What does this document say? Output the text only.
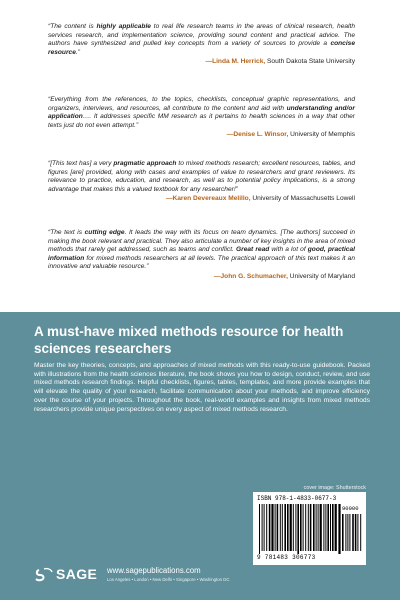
“The content is highly applicable to real life research teams in the areas of clinical research, health services research, and implementation science, providing sound content and practical advice. The authors have synthesized and pulled key concepts from a variety of sources to provide a concise resource.”
—Linda M. Herrick, South Dakota State University
“Everything from the references, to the topics, checklists, conceptual graphic representations, and organizers, interviews, and resources, all contribute to the content and aid with understanding and/or application…. It addresses specific MM research as it pertains to health sciences in a way that other texts just do not even attempt.”
—Denise L. Winsor, University of Memphis
“[This text has] a very pragmatic approach to mixed methods research; excellent resources, tables, and figures [are] provided, along with cases and examples of value to researchers and grant reviewers. Its relevance to practice, education, and research, as well as to potential policy implications, is a strong advantage that makes this a valued textbook for any researcher!”
—Karen Devereaux Melillo, University of Massachusetts Lowell
“The text is cutting edge. It leads the way with its focus on team dynamics. [The authors] succeed in making the book relevant and practical. They also articulate a number of key insights in the area of mixed methods that rarely get addressed, such as teams and conflict. Great read with a lot of good, practical information for mixed methods researchers at all levels. The practical approach of this text makes it an innovative and valuable resource.”
—John G. Schumacher, University of Maryland
A must-have mixed methods resource for health sciences researchers
Master the key theories, concepts, and approaches of mixed methods with this ready-to-use guidebook. Packed with illustrations from the health sciences literature, the book shows you how to design, conduct, review, and use mixed methods research findings. Helpful checklists, figures, tables, templates, and more provide examples that will elevate the quality of your research, facilitate communication about your methods, and improve efficiency over the course of your projects. Throughout the book, real-world examples and insights from mixed methods researchers provide unique perspectives on every aspect of mixed methods research.
cover image: Shutterstock
ISBN 978-1-4833-0677-3
90000
9 781483 306773
SAGE www.sagepublications.com
Los Angeles • London • New Delhi • Singapore • Washington DC
